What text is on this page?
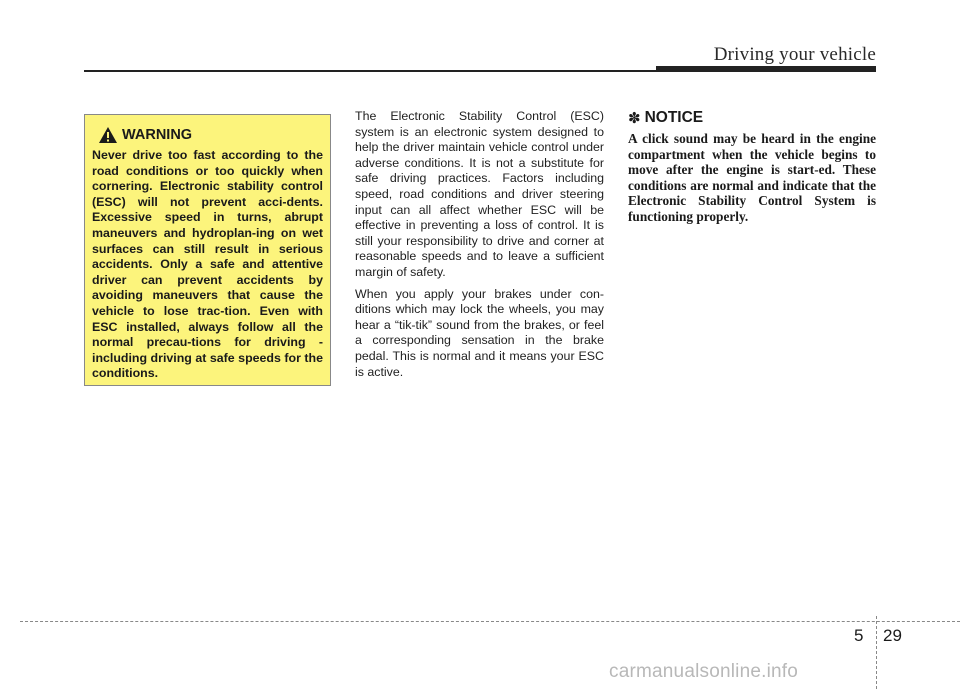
Driving your vehicle
WARNING
Never drive too fast according to the road conditions or too quickly when cornering. Electronic stability control (ESC) will not prevent acci-dents. Excessive speed in turns, abrupt maneuvers and hydroplan-ing on wet surfaces can still result in serious accidents. Only a safe and attentive driver can prevent accidents by avoiding maneuvers that cause the vehicle to lose trac-tion. Even with ESC installed, always follow all the normal precau-tions for driving - including driving at safe speeds for the conditions.

The Electronic Stability Control (ESC) system is an electronic system designed to help the driver maintain vehicle control under adverse conditions. It is not a substitute for safe driving practices. Factors including speed, road conditions and driver steering input can all affect whether ESC will be effective in preventing a loss of control. It is still your responsibility to drive and corner at reasonable speeds and to leave a sufficient margin of safety.

When you apply your brakes under con-ditions which may lock the wheels, you may hear a “tik-tik” sound from the brakes, or feel a corresponding sensation in the brake pedal. This is normal and it means your ESC is active.

✽ NOTICE
A click sound may be heard in the engine compartment when the vehicle begins to move after the engine is start-ed. These conditions are normal and indicate that the Electronic Stability Control System is functioning properly.
5 29
carmanualsonline.info
